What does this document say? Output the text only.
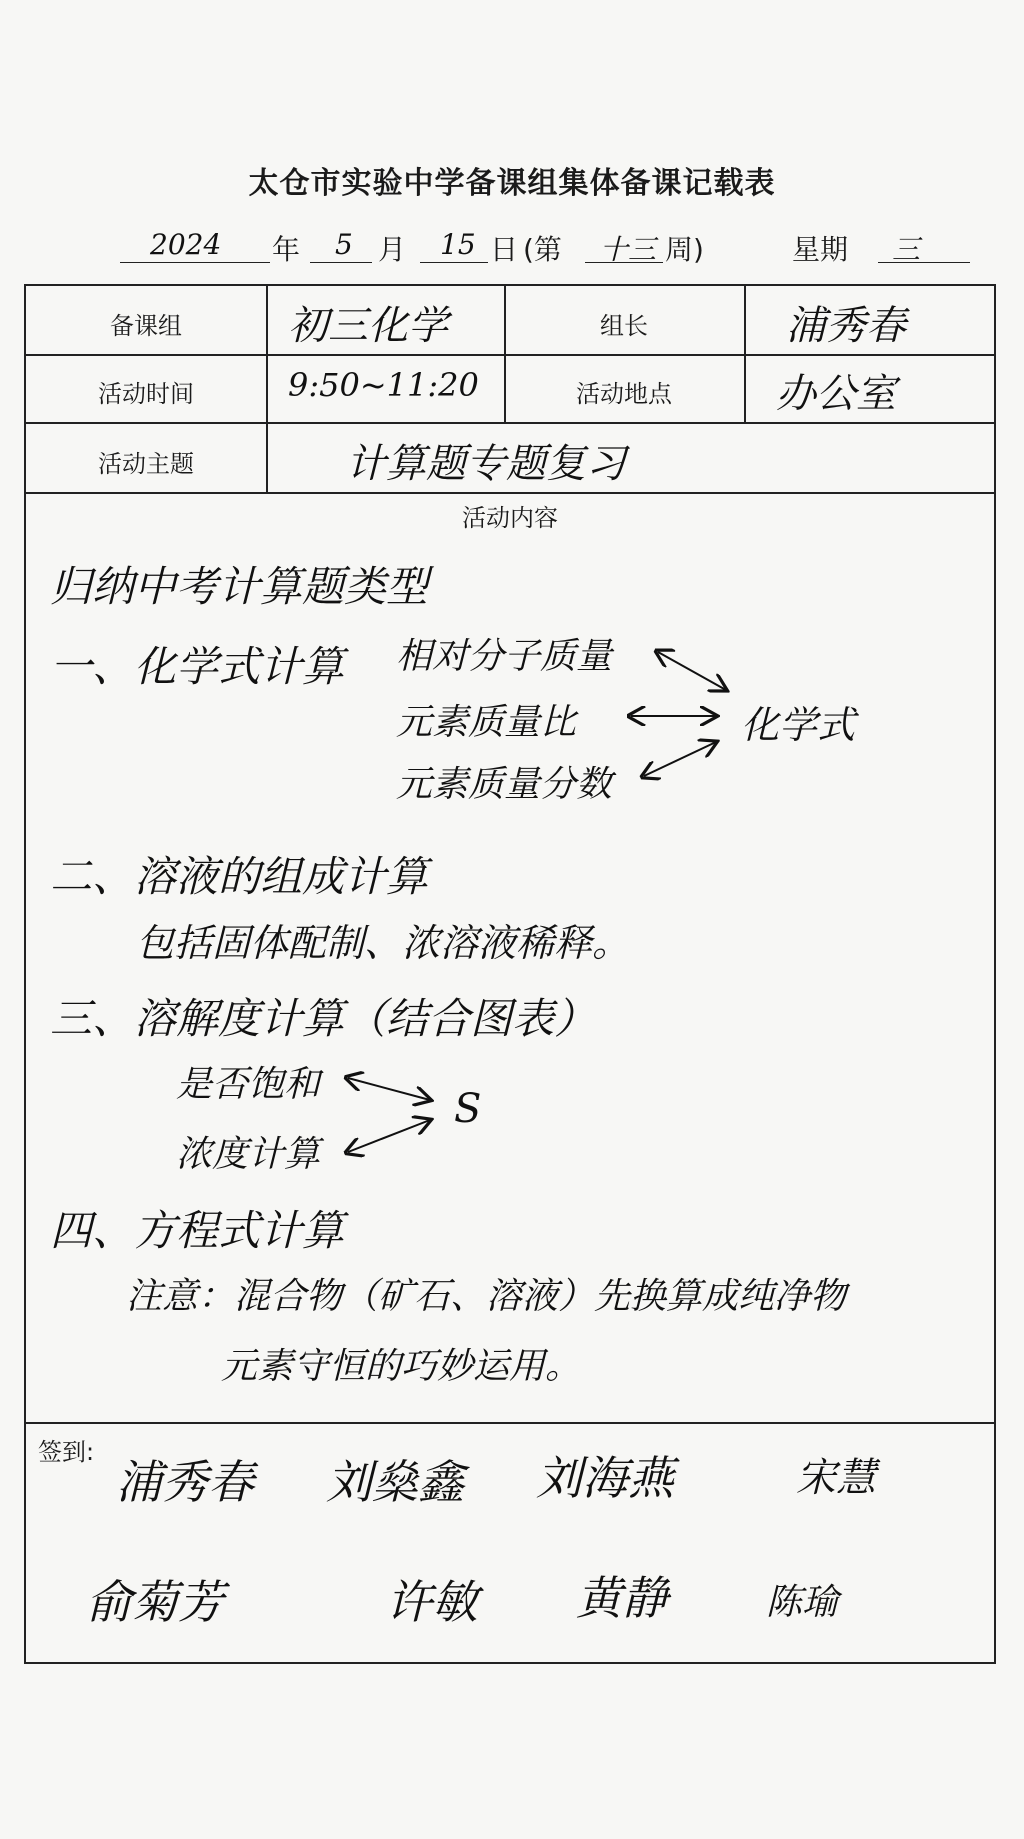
太仓市实验中学备课组集体备课记载表
2024 年 5 月 15 日 (第 十三 周)	星期 三
备课组	初三化学	组长	浦秀春
活动时间	9:50~11:20	活动地点	办公室
活动主题	计算题专题复习
活动内容
归纳中考计算题类型
一、化学式计算 相对分子质量
元素质量比
元素质量分数
化学式
二、溶液的组成计算
包括固体配制、浓溶液稀释。
三、溶解度计算（结合图表）
是否饱和
浓度计算
S
四、方程式计算
注意：混合物（矿石、溶液）先换算成纯净物
元素守恒的巧妙运用。
签到:
浦秀春 刘燊鑫 刘海燕	宋慧
俞菊芳	许敏 黄静	陈瑜
